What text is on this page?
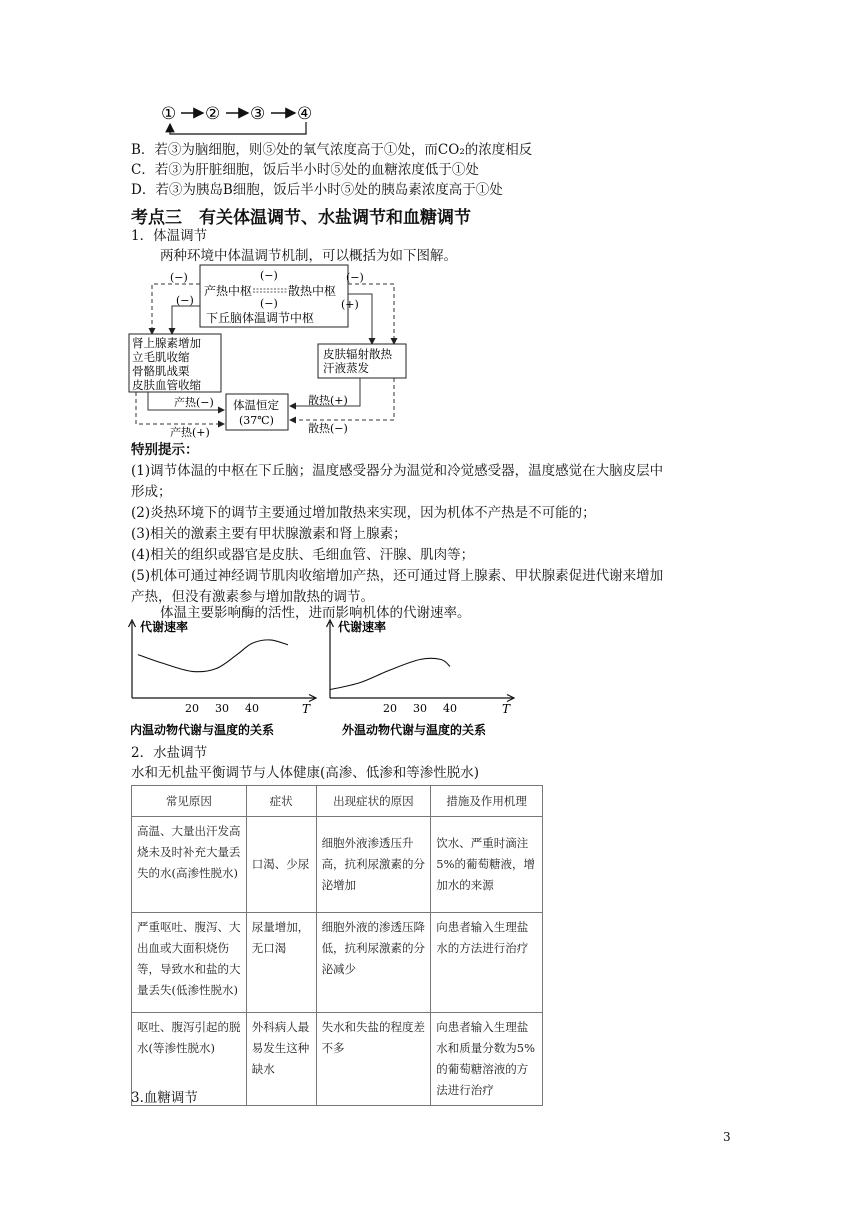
① ② ③ ④
B．若③为脑细胞，则⑤处的氧气浓度高于①处，而CO₂的浓度相反
C．若③为肝脏细胞，饭后半小时⑤处的血糖浓度低于①处
D．若③为胰岛B细胞，饭后半小时⑤处的胰岛素浓度高于①处
考点三　有关体温调节、水盐调节和血糖调节
1．体温调节
两种环境中体温调节机制，可以概括为如下图解。
(−)
产热中枢	散热中枢
(−)
下丘脑体温调节中枢
(−)
(−)
(−)
(+)
肾上腺素增加
立毛肌收缩
骨骼肌战栗
皮肤血管收缩
皮肤辐射散热
汗液蒸发
体温恒定
(37℃)
产热(−)
产热(+)
散热(+)
散热(−)
特别提示：
(1)调节体温的中枢在下丘脑；温度感受器分为温觉和冷觉感受器，温度感觉在大脑皮层中
形成；
(2)炎热环境下的调节主要通过增加散热来实现，因为机体不产热是不可能的；
(3)相关的激素主要有甲状腺激素和肾上腺素；
(4)相关的组织或器官是皮肤、毛细血管、汗腺、肌肉等；
(5)机体可通过神经调节肌肉收缩增加产热，还可通过肾上腺素、甲状腺素促进代谢来增加
产热，但没有激素参与增加散热的调节。
体温主要影响酶的活性，进而影响机体的代谢速率。
代谢速率
T
内温动物代谢与温度的关系
20 30 40
代谢速率
T
外温动物代谢与温度的关系
20 30 40
2．水盐调节
水和无机盐平衡调节与人体健康(高渗、低渗和等渗性脱水)
常见原因	症状	出现症状的原因	措施及作用机理
高温、大量出汗发高烧未及时补充大量丢失的水(高渗性脱水)	口渴、少尿	细胞外液渗透压升高，抗利尿激素的分泌增加	饮水、严重时滴注5%的葡萄糖液，增加水的来源
严重呕吐、腹泻、大出血或大面积烧伤等，导致水和盐的大量丢失(低渗性脱水)	尿量增加，无口渴	细胞外液的渗透压降低，抗利尿激素的分泌减少	向患者输入生理盐水的方法进行治疗
呕吐、腹泻引起的脱水(等渗性脱水)	外科病人最易发生这种缺水	失水和失盐的程度差不多	向患者输入生理盐水和质量分数为5%的葡萄糖溶液的方法进行治疗
3.血糖调节
3
